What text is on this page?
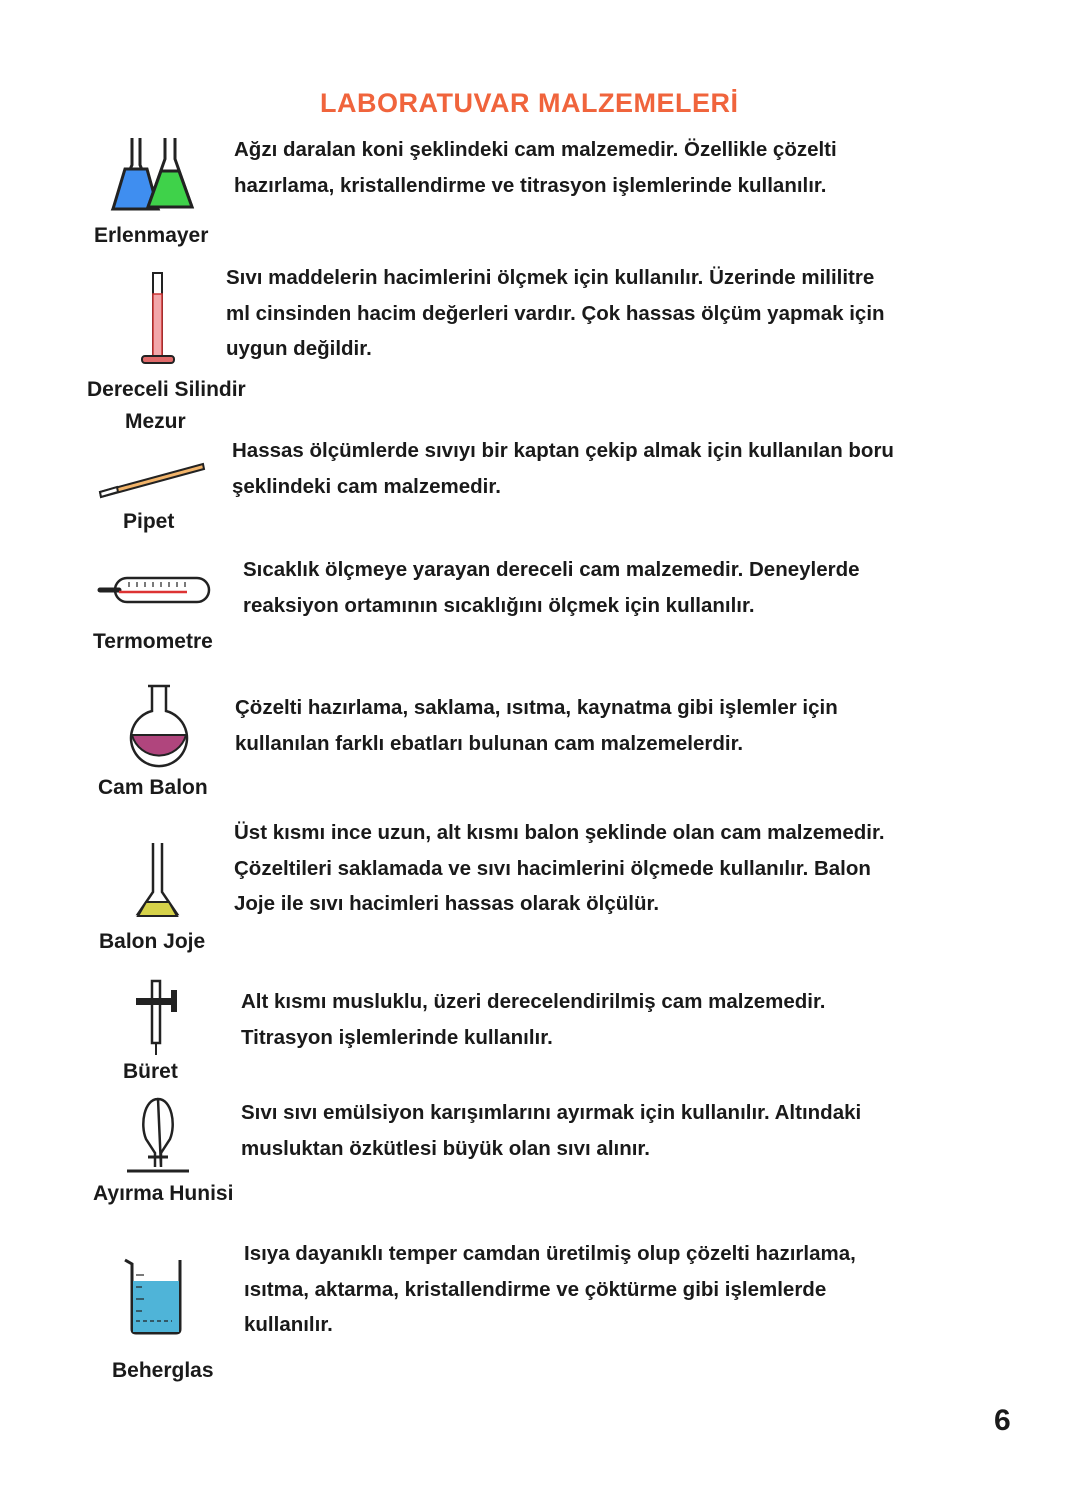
LABORATUVAR MALZEMELERİ
Ağzı daralan koni şeklindeki cam malzemedir. Özellikle çözelti
hazırlama, kristallendirme ve titrasyon işlemlerinde kullanılır.
Erlenmayer
Sıvı maddelerin hacimlerini ölçmek için kullanılır. Üzerinde mililitre
ml cinsinden hacim değerleri vardır. Çok hassas ölçüm yapmak için
uygun değildir.
Dereceli Silindir
Mezur
Hassas ölçümlerde sıvıyı bir kaptan çekip almak için kullanılan boru
şeklindeki cam malzemedir.
Pipet
Sıcaklık ölçmeye yarayan dereceli cam malzemedir. Deneylerde
reaksiyon ortamının sıcaklığını ölçmek için kullanılır.
Termometre
Çözelti hazırlama, saklama, ısıtma, kaynatma gibi işlemler için
kullanılan farklı ebatları bulunan cam malzemelerdir.
Cam Balon
Üst kısmı ince uzun, alt kısmı balon şeklinde olan cam malzemedir.
Çözeltileri saklamada ve sıvı hacimlerini ölçmede kullanılır. Balon
Joje ile sıvı hacimleri hassas olarak ölçülür.
Balon Joje
Alt kısmı musluklu, üzeri derecelendirilmiş cam malzemedir.
Titrasyon işlemlerinde kullanılır.
Büret
Sıvı sıvı emülsiyon karışımlarını ayırmak için kullanılır. Altındaki
musluktan özkütlesi büyük olan sıvı alınır.
Ayırma Hunisi
Isıya dayanıklı temper camdan üretilmiş olup çözelti hazırlama,
ısıtma, aktarma, kristallendirme ve çöktürme gibi işlemlerde
kullanılır.
Beherglas
6
